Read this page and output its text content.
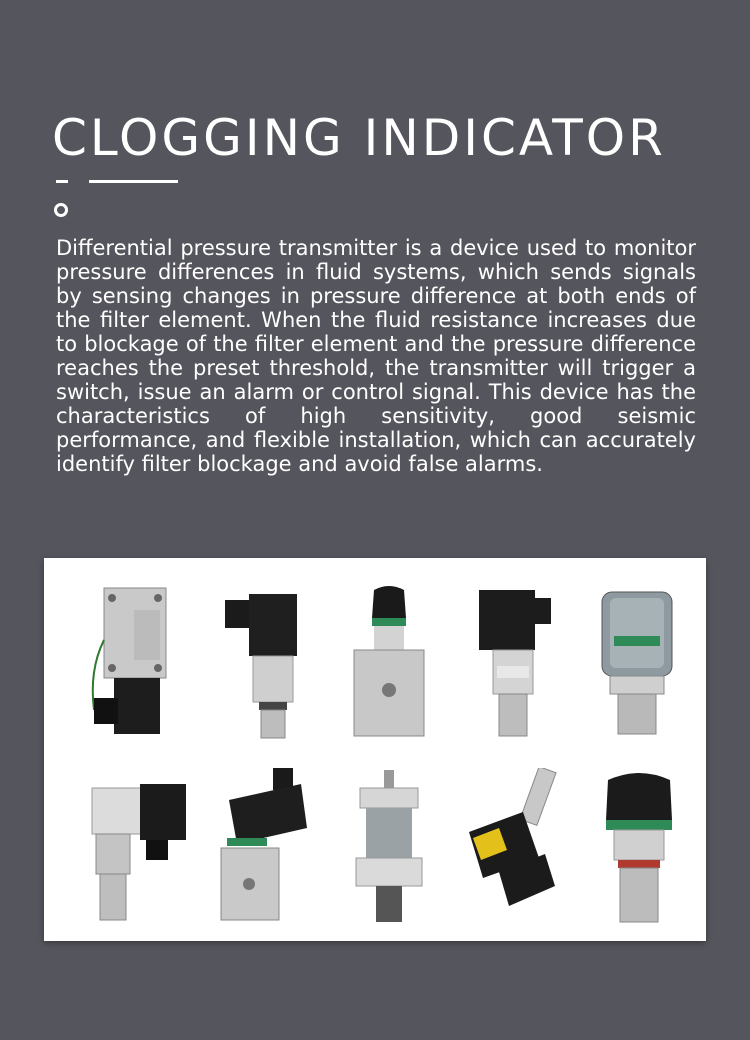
CLOGGING INDICATOR

Differential pressure transmitter is a device used to monitor pressure differences in fluid systems, which sends signals by sensing changes in pressure difference at both ends of the filter element. When the fluid resistance increases due to blockage of the filter element and the pressure difference reaches the preset threshold, the transmitter will trigger a switch, issue an alarm or control signal. This device has the characteristics of high sensitivity, good seismic performance, and flexible installation, which can accurately identify filter blockage and avoid false alarms.
